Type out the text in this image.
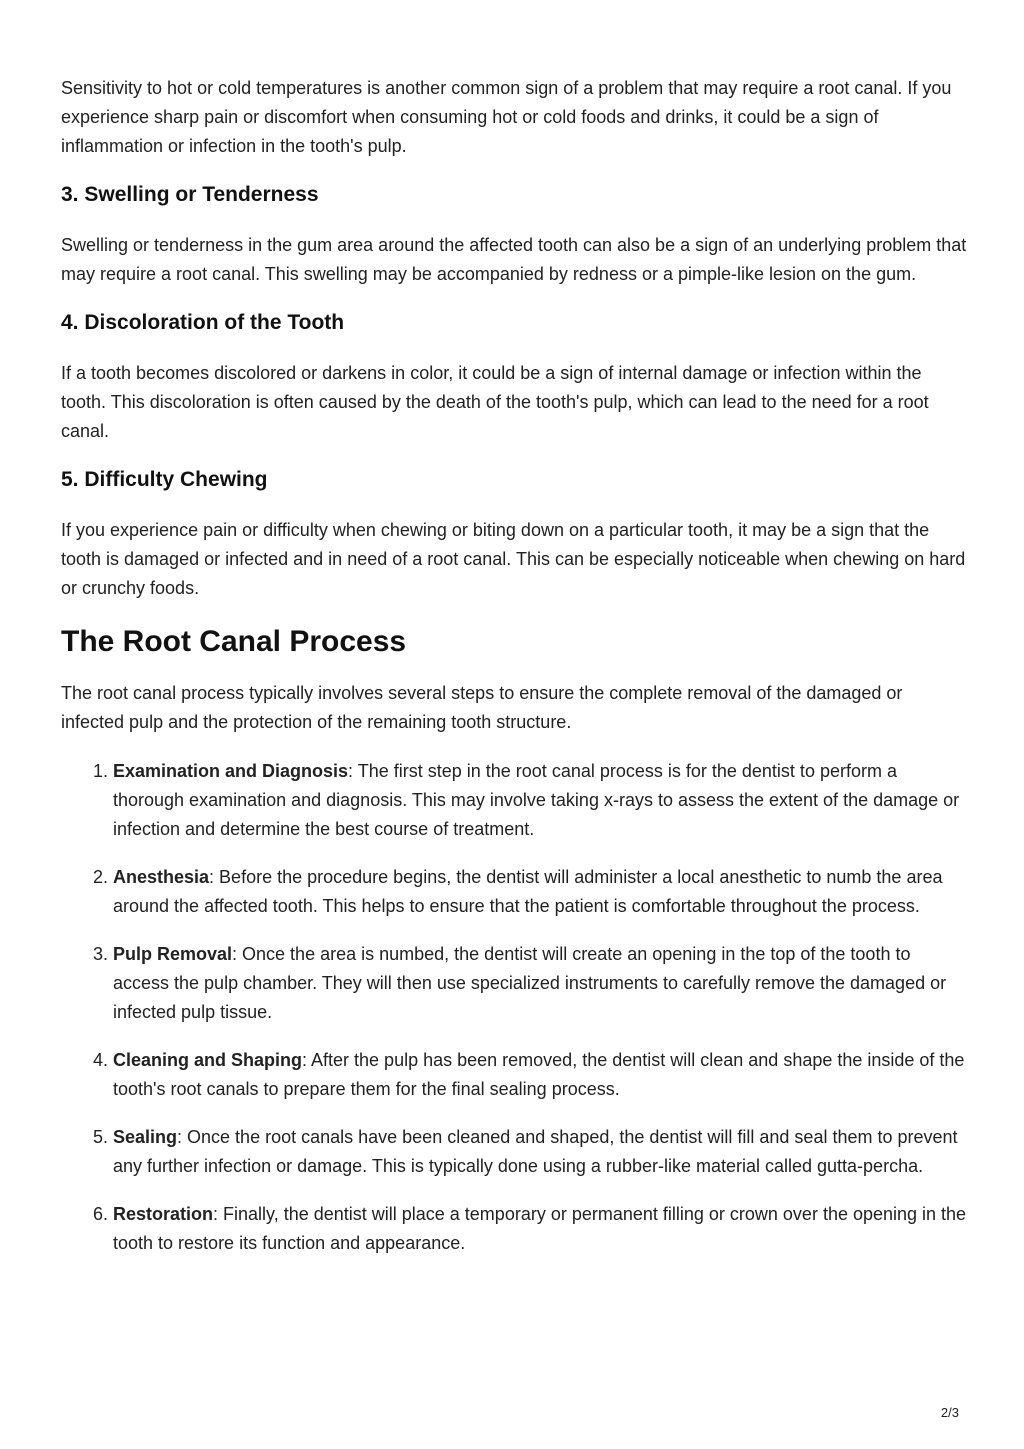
Sensitivity to hot or cold temperatures is another common sign of a problem that may require a root canal. If you experience sharp pain or discomfort when consuming hot or cold foods and drinks, it could be a sign of inflammation or infection in the tooth's pulp.

3. Swelling or Tenderness

Swelling or tenderness in the gum area around the affected tooth can also be a sign of an underlying problem that may require a root canal. This swelling may be accompanied by redness or a pimple-like lesion on the gum.

4. Discoloration of the Tooth

If a tooth becomes discolored or darkens in color, it could be a sign of internal damage or infection within the tooth. This discoloration is often caused by the death of the tooth's pulp, which can lead to the need for a root canal.

5. Difficulty Chewing

If you experience pain or difficulty when chewing or biting down on a particular tooth, it may be a sign that the tooth is damaged or infected and in need of a root canal. This can be especially noticeable when chewing on hard or crunchy foods.

The Root Canal Process

The root canal process typically involves several steps to ensure the complete removal of the damaged or infected pulp and the protection of the remaining tooth structure.

1. Examination and Diagnosis: The first step in the root canal process is for the dentist to perform a thorough examination and diagnosis. This may involve taking x-rays to assess the extent of the damage or infection and determine the best course of treatment.
2. Anesthesia: Before the procedure begins, the dentist will administer a local anesthetic to numb the area around the affected tooth. This helps to ensure that the patient is comfortable throughout the process.
3. Pulp Removal: Once the area is numbed, the dentist will create an opening in the top of the tooth to access the pulp chamber. They will then use specialized instruments to carefully remove the damaged or infected pulp tissue.
4. Cleaning and Shaping: After the pulp has been removed, the dentist will clean and shape the inside of the tooth's root canals to prepare them for the final sealing process.
5. Sealing: Once the root canals have been cleaned and shaped, the dentist will fill and seal them to prevent any further infection or damage. This is typically done using a rubber-like material called gutta-percha.
6. Restoration: Finally, the dentist will place a temporary or permanent filling or crown over the opening in the tooth to restore its function and appearance.
2/3
